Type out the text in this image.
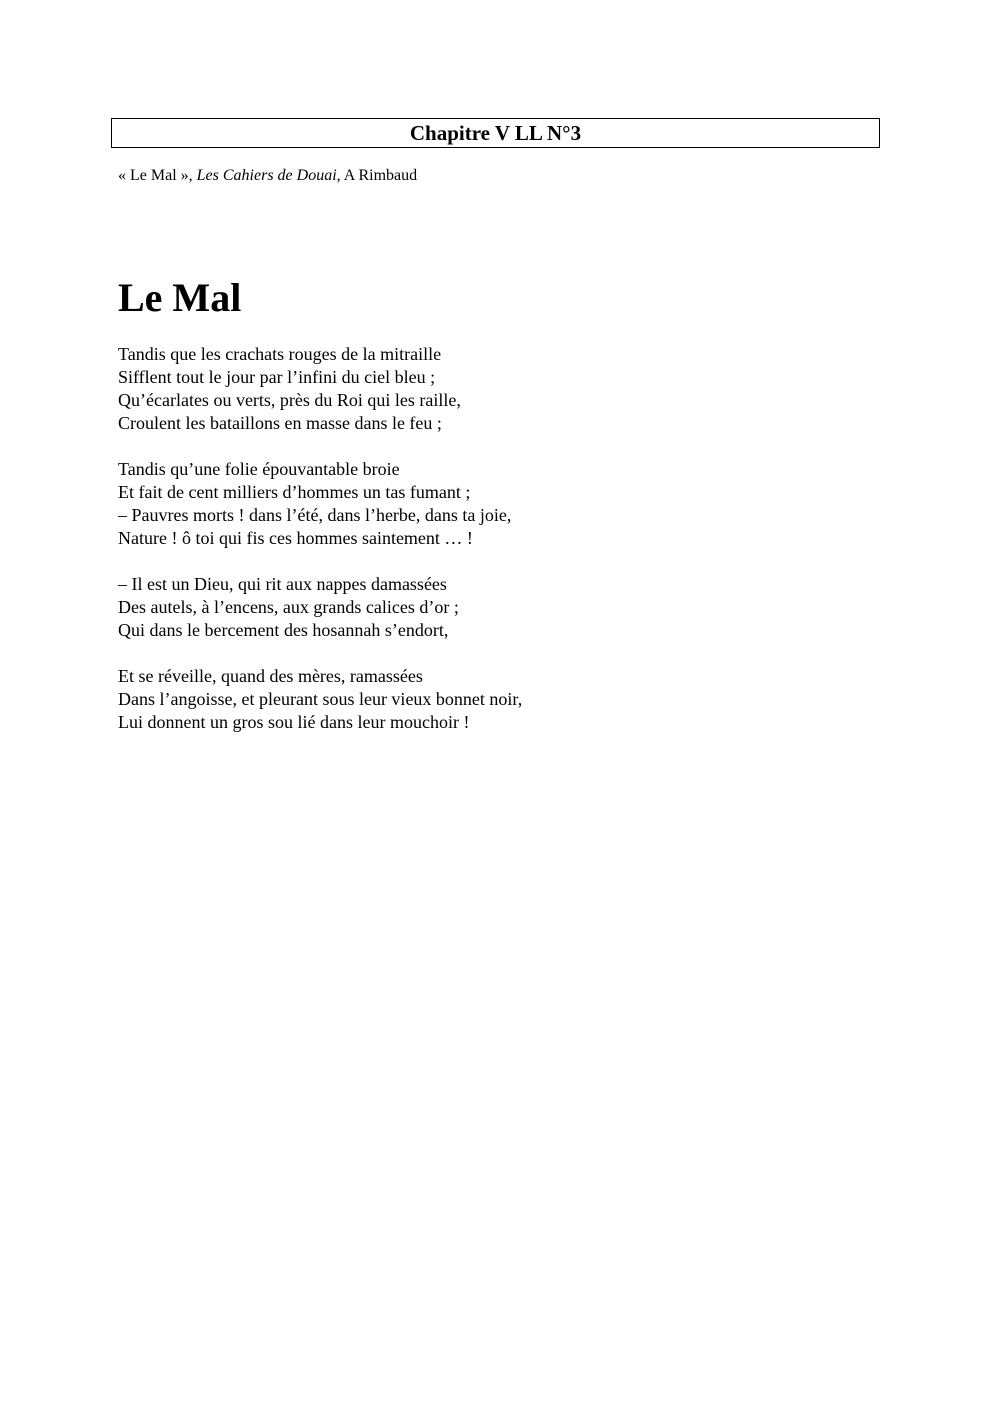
Chapitre V LL N°3
« Le Mal », Les Cahiers de Douai, A Rimbaud
Le Mal
Tandis que les crachats rouges de la mitraille
Sifflent tout le jour par l’infini du ciel bleu ;
Qu’écarlates ou verts, près du Roi qui les raille,
Croulent les bataillons en masse dans le feu ;
Tandis qu’une folie épouvantable broie
Et fait de cent milliers d’hommes un tas fumant ;
– Pauvres morts ! dans l’été, dans l’herbe, dans ta joie,
Nature ! ô toi qui fis ces hommes saintement … !
– Il est un Dieu, qui rit aux nappes damassées
Des autels, à l’encens, aux grands calices d’or ;
Qui dans le bercement des hosannah s’endort,
Et se réveille, quand des mères, ramassées
Dans l’angoisse, et pleurant sous leur vieux bonnet noir,
Lui donnent un gros sou lié dans leur mouchoir !
